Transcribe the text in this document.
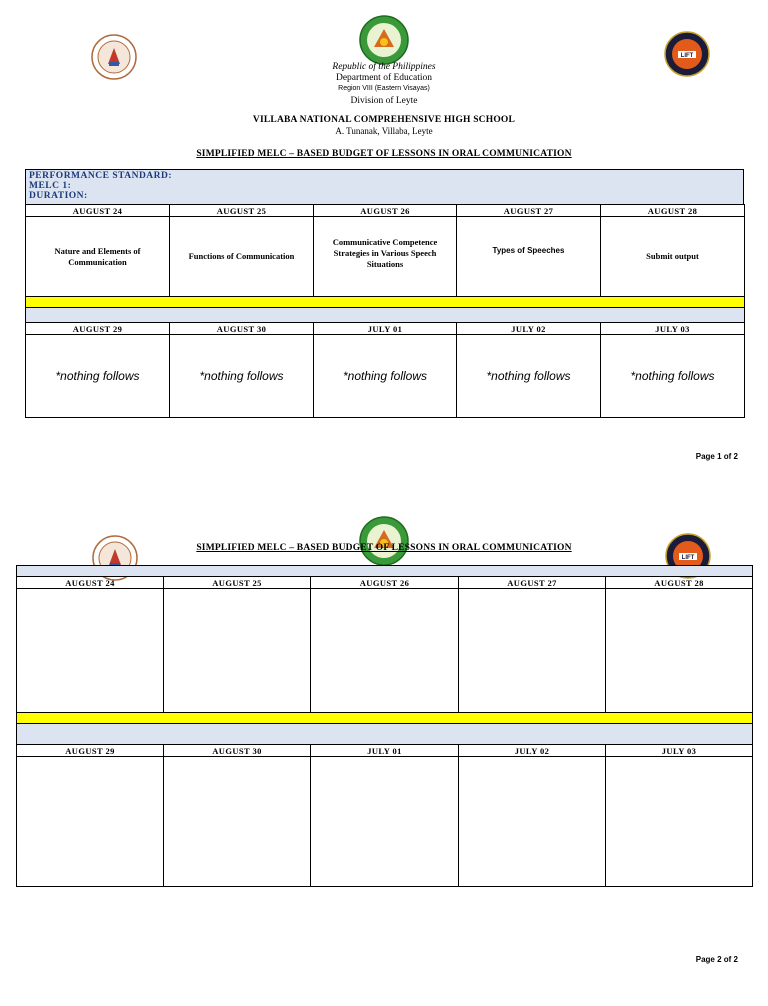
LIFT
Republic of the Philippines
Department of Education
Region VIII (Eastern Visayas)
Division of Leyte
VILLABA NATIONAL COMPREHENSIVE HIGH SCHOOL
A. Tunanak, Villaba, Leyte
SIMPLIFIED MELC – BASED BUDGET OF LESSONS IN ORAL COMMUNICATION
PERFORMANCE STANDARD:
MELC 1:
DURATION:
AUGUST 24	AUGUST 25	AUGUST 26	AUGUST 27	AUGUST 28
Nature and Elements of Communication	Functions of Communication	Communicative Competence Strategies in Various Speech Situations	Types of Speeches	Submit output

AUGUST 29	AUGUST 30	JULY 01	JULY 02	JULY 03
*nothing follows	*nothing follows	*nothing follows	*nothing follows	*nothing follows
Page 1 of 2
LIFT
SIMPLIFIED MELC – BASED BUDGET OF LESSONS IN ORAL COMMUNICATION

AUGUST 24	AUGUST 25	AUGUST 26	AUGUST 27	AUGUST 28

AUGUST 29	AUGUST 30	JULY 01	JULY 02	JULY 03

Page 2 of 2
